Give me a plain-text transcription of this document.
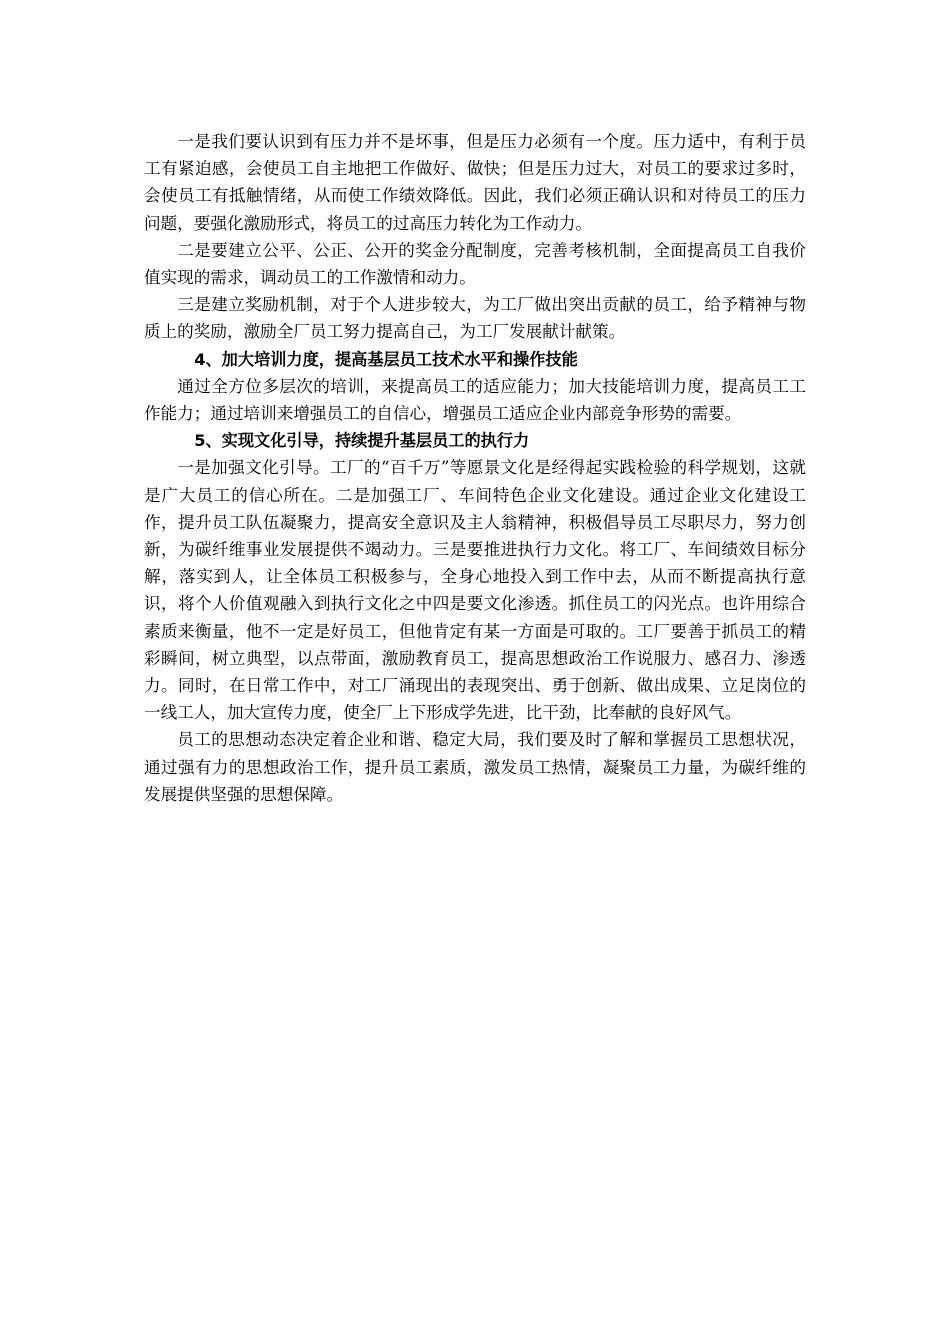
一是我们要认识到有压力并不是坏事，但是压力必须有一个度。压力适中，有利于员工有紧迫感，会使员工自主地把工作做好、做快；但是压力过大，对员工的要求过多时，会使员工有抵触情绪，从而使工作绩效降低。因此，我们必须正确认识和对待员工的压力问题，要强化激励形式，将员工的过高压力转化为工作动力。

二是要建立公平、公正、公开的奖金分配制度，完善考核机制，全面提高员工自我价值实现的需求，调动员工的工作激情和动力。

三是建立奖励机制，对于个人进步较大，为工厂做出突出贡献的员工，给予精神与物质上的奖励，激励全厂员工努力提高自己，为工厂发展献计献策。

4、加大培训力度，提高基层员工技术水平和操作技能

通过全方位多层次的培训，来提高员工的适应能力；加大技能培训力度，提高员工工作能力；通过培训来增强员工的自信心，增强员工适应企业内部竞争形势的需要。

5、实现文化引导，持续提升基层员工的执行力

一是加强文化引导。工厂的“百千万”等愿景文化是经得起实践检验的科学规划，这就是广大员工的信心所在。二是加强工厂、车间特色企业文化建设。通过企业文化建设工作，提升员工队伍凝聚力，提高安全意识及主人翁精神，积极倡导员工尽职尽力，努力创新，为碳纤维事业发展提供不竭动力。三是要推进执行力文化。将工厂、车间绩效目标分解，落实到人，让全体员工积极参与，全身心地投入到工作中去，从而不断提高执行意识，将个人价值观融入到执行文化之中四是要文化渗透。抓住员工的闪光点。也许用综合素质来衡量，他不一定是好员工，但他肯定有某一方面是可取的。工厂要善于抓员工的精彩瞬间，树立典型，以点带面，激励教育员工，提高思想政治工作说服力、感召力、渗透力。同时，在日常工作中，对工厂涌现出的表现突出、勇于创新、做出成果、立足岗位的一线工人，加大宣传力度，使全厂上下形成学先进，比干劲，比奉献的良好风气。

员工的思想动态决定着企业和谐、稳定大局，我们要及时了解和掌握员工思想状况，通过强有力的思想政治工作，提升员工素质，激发员工热情，凝聚员工力量，为碳纤维的发展提供坚强的思想保障。
